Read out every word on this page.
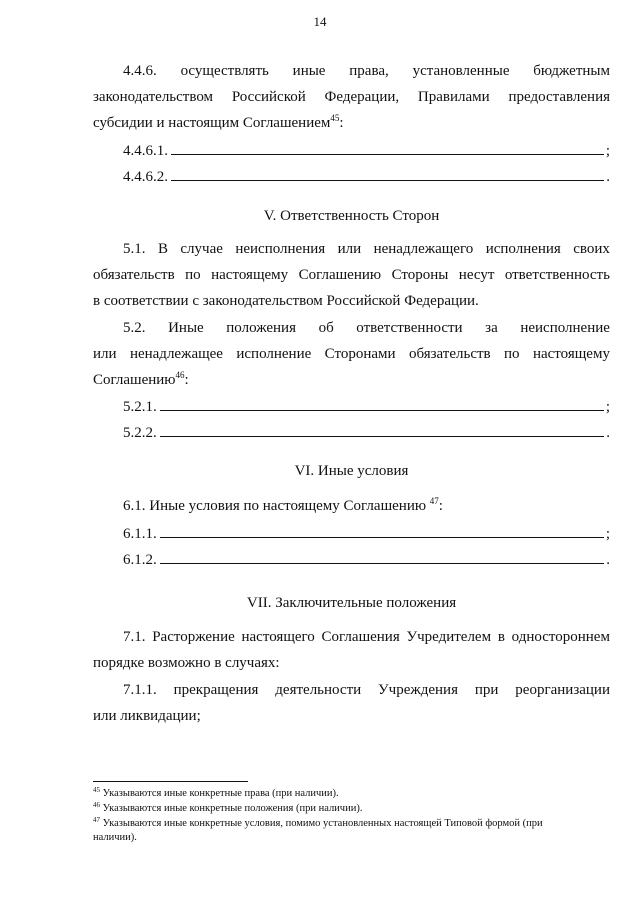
14
4.4.6. осуществлять иные права, установленные бюджетным
законодательством Российской Федерации, Правилами предоставления
субсидии и настоящим Соглашением$^{45}$:
4.4.6.1.	;
4.4.6.2.	.
V. Ответственность Сторон
5.1. В случае неисполнения или ненадлежащего исполнения своих
обязательств по настоящему Соглашению Стороны несут ответственность
в соответствии с законодательством Российской Федерации.
5.2. Иные положения об ответственности за неисполнение
или ненадлежащее исполнение Сторонами обязательств по настоящему
Соглашению$^{46}$:
5.2.1.	;
5.2.2.	.
VI. Иные условия
6.1. Иные условия по настоящему Соглашению $^{47}$:
6.1.1.	;
6.1.2.	.
VII. Заключительные положения
7.1. Расторжение настоящего Соглашения Учредителем в одностороннем
порядке возможно в случаях:
7.1.1. прекращения деятельности Учреждения при реорганизации
или ликвидации;
$^{45}$ Указываются иные конкретные права (при наличии).
$^{46}$ Указываются иные конкретные положения (при наличии).
$^{47}$ Указываются иные конкретные условия, помимо установленных настоящей Типовой формой (при
наличии).
